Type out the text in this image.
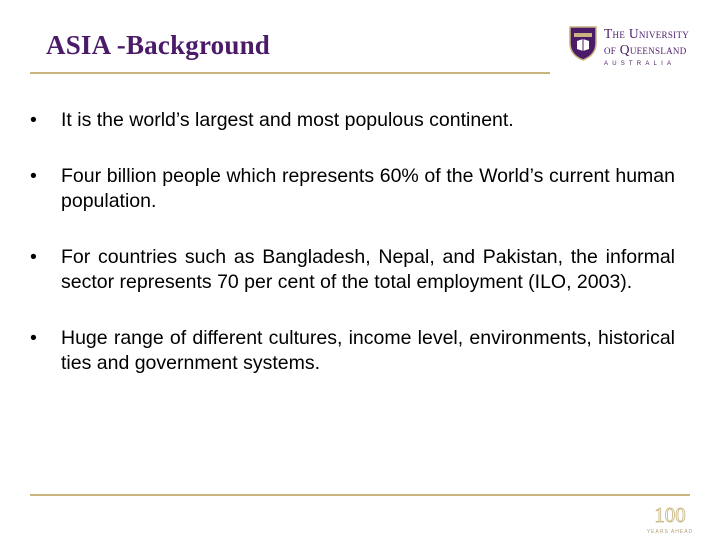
ASIA -Background	The University
of Queensland
AUSTRALIA
•	It is the world’s largest and most populous continent.
•	Four billion people which represents 60% of the World’s current human population.
•	For countries such as Bangladesh, Nepal, and Pakistan, the informal sector represents 70 per cent of the total employment (ILO, 2003).
•	Huge range of different cultures, income level, environments, historical ties and government systems.
100
YEARS AHEAD
